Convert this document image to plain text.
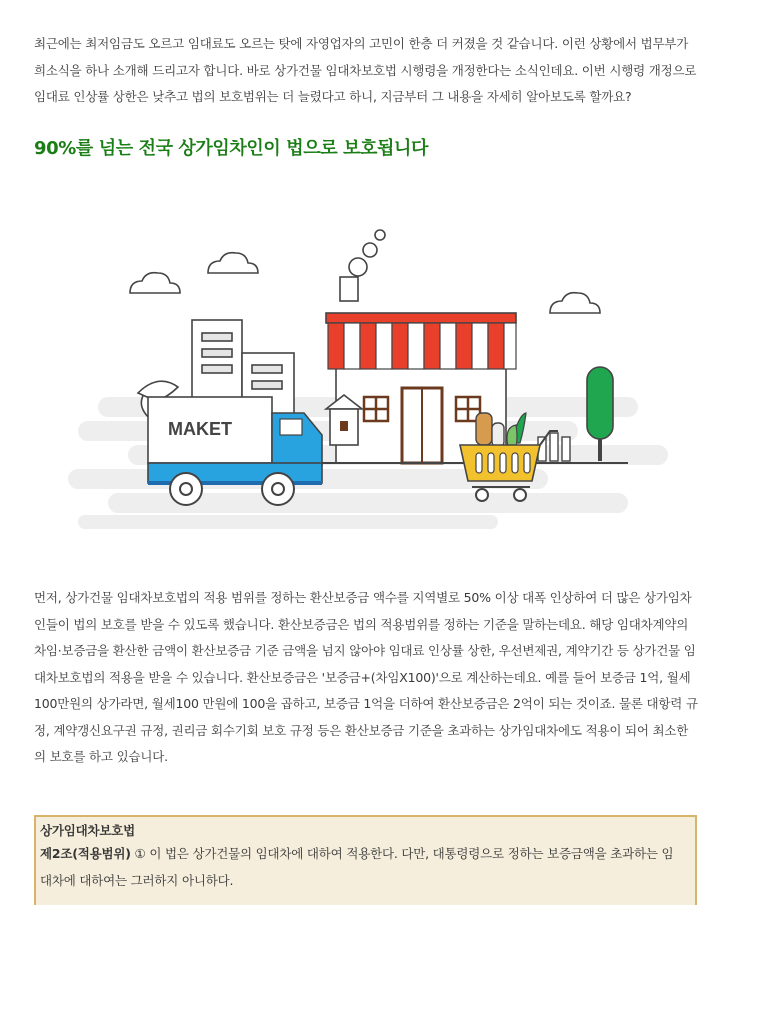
최근에는 최저임금도 오르고 임대료도 오르는 탓에 자영업자의 고민이 한층 더 커졌을 것 같습니다. 이런 상황에서 법무부가
희소식을 하나 소개해 드리고자 합니다. 바로 상가건물 임대차보호법 시행령을 개정한다는 소식인데요. 이번 시행령 개정으로
임대료 인상률 상한은 낮추고 법의 보호범위는 더 늘렸다고 하니, 지금부터 그 내용을 자세히 알아보도록 할까요?
90%를 넘는 전국 상가임차인이 법으로 보호됩니다
MAKET
먼저, 상가건물 임대차보호법의 적용 범위를 정하는 환산보증금 액수를 지역별로 50% 이상 대폭 인상하여 더 많은 상가임차
인들이 법의 보호를 받을 수 있도록 했습니다. 환산보증금은 법의 적용범위를 정하는 기준을 말하는데요. 해당 임대차계약의
차임·보증금을 환산한 금액이 환산보증금 기준 금액을 넘지 않아야 임대료 인상률 상한, 우선변제권, 계약기간 등 상가건물 임
대차보호법의 적용을 받을 수 있습니다. 환산보증금은 '보증금+(차임X100)'으로 계산하는데요. 예를 들어 보증금 1억, 월세
100만원의 상가라면, 월세100 만원에 100을 곱하고, 보증금 1억을 더하여 환산보증금은 2억이 되는 것이죠. 물론 대항력 규
정, 계약갱신요구권 규정, 권리금 회수기회 보호 규정 등은 환산보증금 기준을 초과하는 상가임대차에도 적용이 되어 최소한
의 보호를 하고 있습니다.
상가임대차보호법
제2조(적용범위) ① 이 법은 상가건물의 임대차에 대하여 적용한다. 다만, 대통령령으로 정하는 보증금액을 초과하는 임
대차에 대하여는 그러하지 아니하다.
